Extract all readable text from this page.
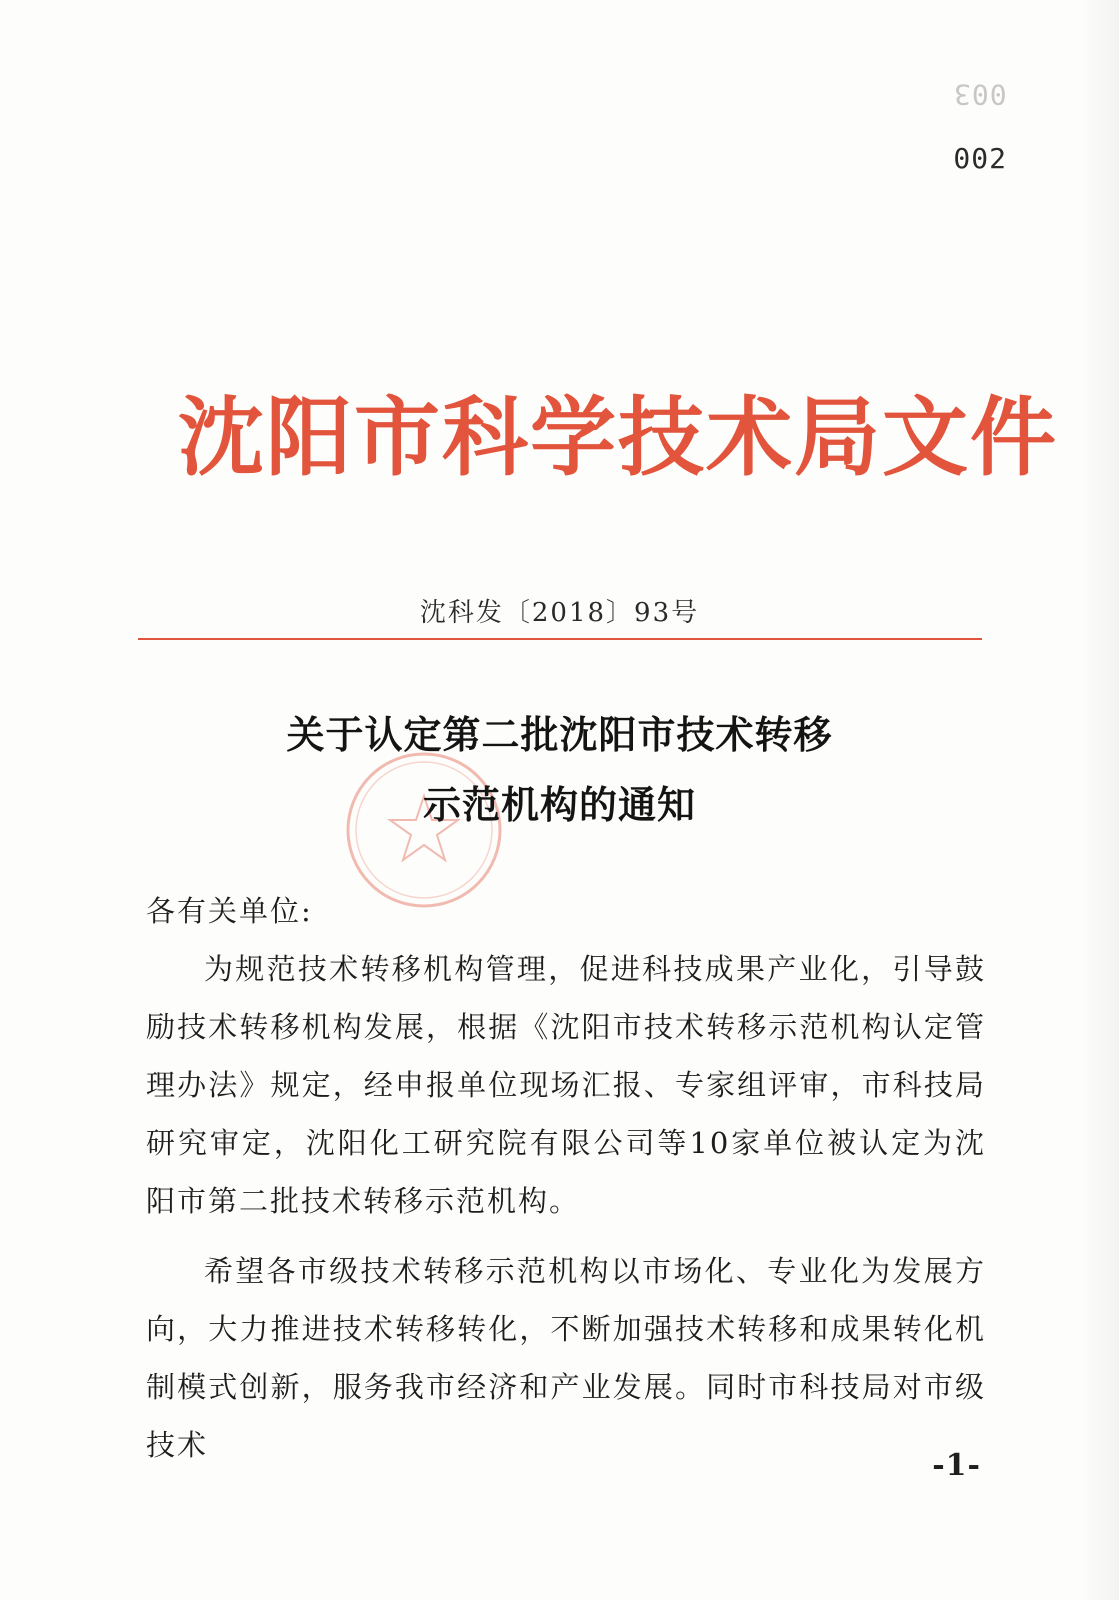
003
002
沈阳市科学技术局文件
沈科发〔2018〕93号
关于认定第二批沈阳市技术转移
示范机构的通知

各有关单位:

为规范技术转移机构管理，促进科技成果产业化，引导鼓励技术转移机构发展，根据《沈阳市技术转移示范机构认定管理办法》规定，经申报单位现场汇报、专家组评审，市科技局研究审定，沈阳化工研究院有限公司等10家单位被认定为沈阳市第二批技术转移示范机构。

希望各市级技术转移示范机构以市场化、专业化为发展方向，大力推进技术转移转化，不断加强技术转移和成果转化机制模式创新，服务我市经济和产业发展。同时市科技局对市级技术

-1-
